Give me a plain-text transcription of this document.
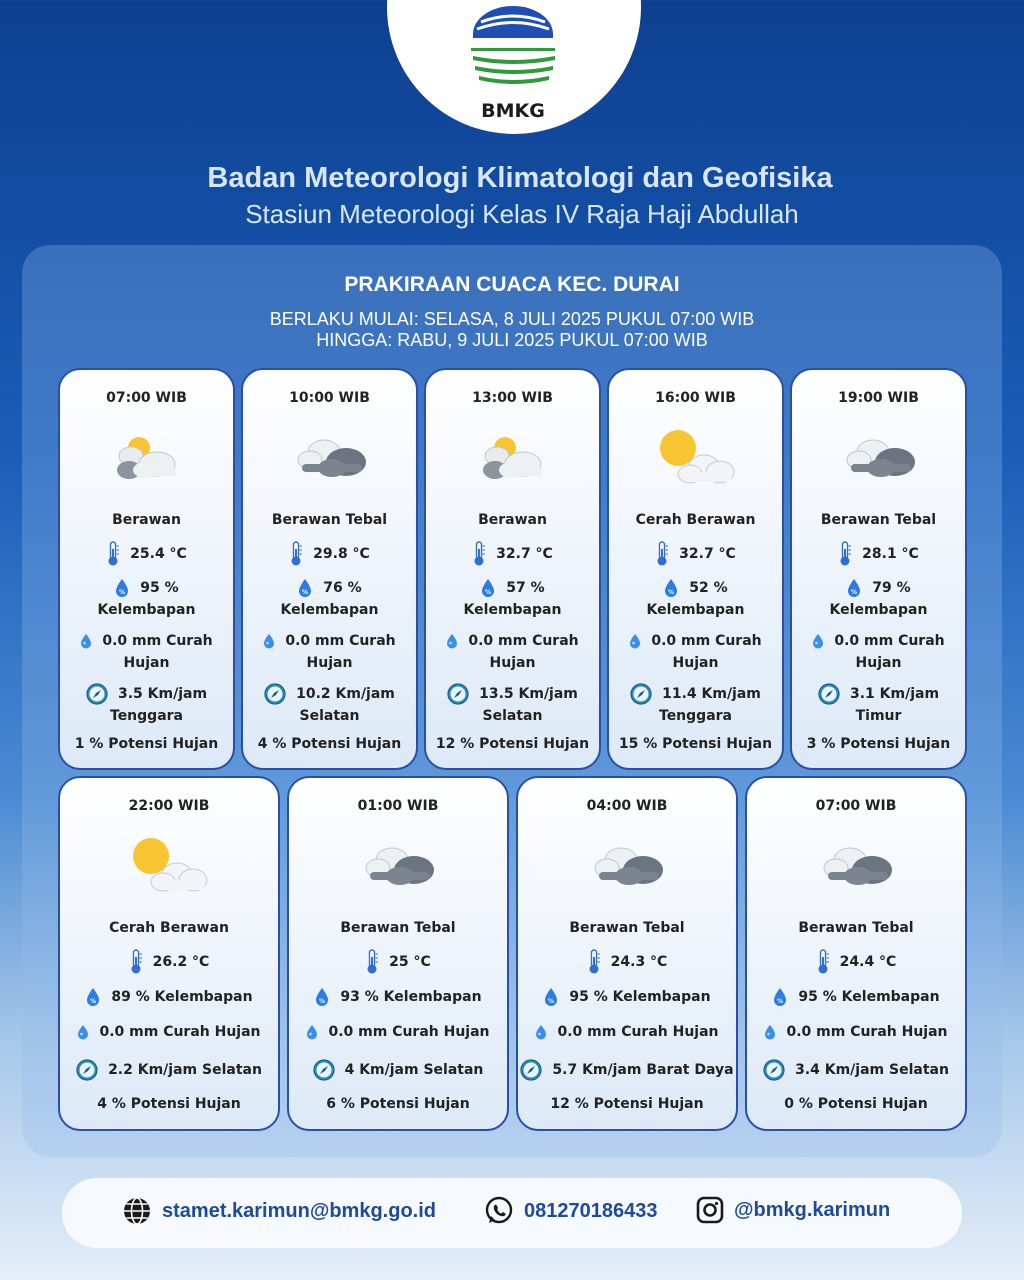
BMKG
Badan Meteorologi Klimatologi dan Geofisika
Stasiun Meteorologi Kelas IV Raja Haji Abdullah
PRAKIRAAN CUACA KEC. DURAI
BERLAKU MULAI: SELASA, 8 JULI 2025 PUKUL 07:00 WIB
HINGGA: RABU, 9 JULI 2025 PUKUL 07:00 WIB
07:00 WIB
Berawan
25.4 °C
% 95 %
Kelembapan
0.0 mm Curah
Hujan
3.5 Km/jam
Tenggara
1 % Potensi Hujan
10:00 WIB
Berawan Tebal
29.8 °C
% 76 %
Kelembapan
0.0 mm Curah
Hujan
10.2 Km/jam
Selatan
4 % Potensi Hujan
13:00 WIB
Berawan
32.7 °C
% 57 %
Kelembapan
0.0 mm Curah
Hujan
13.5 Km/jam
Selatan
12 % Potensi Hujan
16:00 WIB
Cerah Berawan
32.7 °C
% 52 %
Kelembapan
0.0 mm Curah
Hujan
11.4 Km/jam
Tenggara
15 % Potensi Hujan
19:00 WIB
Berawan Tebal
28.1 °C
% 79 %
Kelembapan
0.0 mm Curah
Hujan
3.1 Km/jam
Timur
3 % Potensi Hujan
22:00 WIB
Cerah Berawan
26.2 °C
% 89 % Kelembapan
0.0 mm Curah Hujan
2.2 Km/jam Selatan
4 % Potensi Hujan
01:00 WIB
Berawan Tebal
25 °C
% 93 % Kelembapan
0.0 mm Curah Hujan
4 Km/jam Selatan
6 % Potensi Hujan
04:00 WIB
Berawan Tebal
24.3 °C
% 95 % Kelembapan
0.0 mm Curah Hujan
5.7 Km/jam Barat Daya
12 % Potensi Hujan
07:00 WIB
Berawan Tebal
24.4 °C
% 95 % Kelembapan
0.0 mm Curah Hujan
3.4 Km/jam Selatan
0 % Potensi Hujan
stamet.karimun@bmkg.go.id	081270186433	@bmkg.karimun
